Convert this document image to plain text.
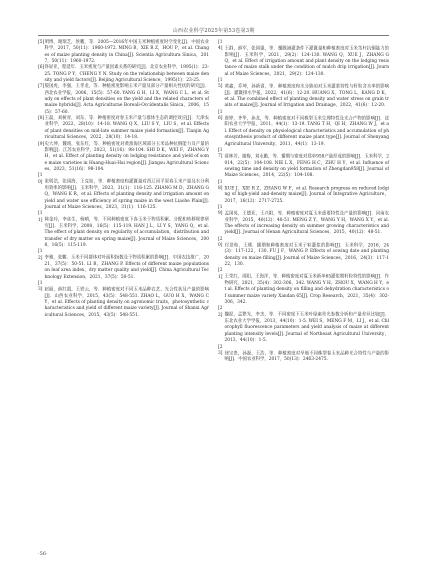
山西农业科学2025年第53卷第3期

[5]明博，谢瑞芝，侯鹏，等．2005—2016年中国玉米种植密度时空变化[J]．中国农业科学，2017，50(11)：1960-1972. MING B，XIE R Z，HOU P，et al. Changes of maize planting density in China[J]. Scientia Agricultura Sinica，2017，50(11)：1960-1972.

[6]佟屏亚，程延年．玉米密度与产量因素关系的研究[J]．北京农业科学，1995(1)：23-25. TONG P Y，CHENG Y N. Study on the relationship between maize density and yield factors[J]. Beijing Agricultural Science，1995(1)：23-25.

[7]殷国虎，李强，王孝龙，等．种植密度影响玉米产量及部分产量相关性状的研究[J]．西北农业学报，2006，15(5)：57-60. YANG G H，LI X，WANG C L，et al. Study on effects of plant densities on the yield and the related characters of maize hybrids[J]. Acta Agriculturae Boreali-Occidentalis Sinica，2006，15(5)：57-60.

[8]王磊，刘树青，刘东，等．种植密度对春玉米产量与群体生态的调控效应[J]．天津农业科学，2022，28(10)：14-18. WANG Q X，LIU S Y，LIU S，et al. Effects of plant densities on mid-late summer maize yield formation[J]. Tianjin Agricultural Sciences，2022，28(10)：14-18.

[9]史大坤，魏靖，张东红，等．种植密度对黄淮海区域部分玉米品种抗倒能力及产量的影响[J]．江苏农业科学，2023，51(16)：98-104. SHI D K，WEI F，ZHANG Y H，et al. Effect of planting density on lodging resistance and yield of some maize varieties in Huang-Huai-Hai region[J]. Jiangsu Agricultural Sciences，2023，51(16)：98-104.

[10] 张明浩，张国海，王克如，等．种植密度和灌溉量对西辽河平原春玉米产量及水分利用效率的影响[J]．玉米科学，2023，31(1)：116-125. ZHANG M D，ZHANG G Q，WANG K R，et al. Effects of planting density and irrigation amount on yield and water use efficiency of spring maize in the west Liaohe Plain[J]. Journal of Maize Sciences，2023，31(1)：116-125.

[11] 韩金玲，李彦生，杨晴，等．不同种植密度下春玉米干物质积累、分配和转移规律研究[J]．玉米科学，2008，16(5)：115-119. HAN J L，LI Y S，YANG Q，et al. The effect of plant density on regularity of accumulation，distribution and transfer of dry matter on spring maize[J]. Journal of Maize Sciences，2008，16(5)：115-119.

[12] 李雅，张鹏．玉米不同群体对叶面积指数及干物质积累的影响[J]．中国农技推广，2021，37(5)：50-51. LI B，ZHANG P. Effects of different maize populations on leaf area index，dry matter quality and yield[J]. China Agricultural Technology Extension，2021，37(5)：50-51.

[13] 赵丽，薛红霞，王铁云，等．种植密度对不同玉米品种农艺、光合性状及产量的影响[J]．山西农业科学，2015，43(5)：548-551. ZHAO L，GUO H X，WANG C Y，et al. Effects of planting density on agronomic traits，photosynthetic characteristics and yield of different maize variety[J]. Journal of Shanxi Agricultural Sciences，2015，43(5)：548-551.

[14] 王群，薛军，张国强，等．覆膜滴灌条件下灌溉量和种植密度对玉米茎秆抗倒能力的影响[J]．玉米科学，2021，29(2)：124-130. WANG Q，XUE J，ZHANG G Q，et al. Effect of irrigation amount and plant density on the lodging resistance of maize stalk under the condition of mulch drip irrigation[J]. Journal of Maize Sciences，2021，29(2)：124-130.

[15] 黄鑫，乔坤，孙新睿，等．种植密度和水分胁迫对玉米灌浆特性与籽粒含水率的影响[J]．灌溉排水学报，2022，41(6)：12-20. HUANG X，TONG L，KANG D K，et al. The combined effect of planting density and water stress on grain traits of maize[J]. Journal of Irrigation and Drainage，2022，41(6)：12-20.

[16] 唐婷，齐华，孙龙，等．种植密度对不同株型玉米生理特性及光合产物的影响[J]．沈阳农业大学学报，2011，44(1)：13-19. TANG T H，QI H，ZHANG W J，et al. Effect of density on physiological characteristics and accumulation of photosynthesis product of different maize plant type[J]. Journal of Shenyang Agricultural University，2011，44(1)：13-19.

[17] 聂林芳，谢梅，刘永勤，等．播期与密度对郑单958产量形成的影响[J]．玉米科学，2014，22(5)：104-108. NIE L X，FENG H C，ZHU H Y，et al. Influence of sowing time and density on yield formation of Zhengdan958[J]. Journal of Maize Sciences，2014，22(5)：104-108.

[18] XUE J，XIE R Z，ZHANG W F，et al. Research progress on reduced lodging of high-yield and-density maize[J]. Journal of Integrative Agriculture，2017，16(12)：2717-2725.

[19] 孟国英，王德亚，王兴阳，等．种植密度对夏玉米重要特性及产量的影响[J]．河南农业科学，2015，40(12)：48-51. MENG Z Y，WANG Y H，WANG X Y，et al. The effects of increasing density on summer growing characteristics and yield[J]. Journal of Henan Agricultural Sciences，2015，40(12)：48-51.

[20] 付景和，王璞．播期和种植密度对玉米子粒灌浆的影响[J]．玉米科学，2016，24(3)：117-122，130. FU J F，WANG P. Effects of sowing date and planting density on maize filling[J]. Journal of Maize Sciences，2016，24(3)：117-122，130.

[21] 王荣红，周阳，王海洋，等．种植密度对夏玉米新单65灌浆期籽粒特性的影响[J]．作物研究，2021，35(4)：302-306，342. WANG Y H，ZHOU X，WANG H Y，et al. Effects of planting density on filling and dehydration characteristics of summer maize variety Xandan 65[J]. Crop Research，2021，35(4)：302-306，342.

[22] 魏湜，孟繁光，李杰，等．不同密度下玉米叶绿素荧光参数分析和产量差异比较[J]．东北农业大学学报，2013，44(10)：1-5. WEI S，MENG F M，LI J，et al. Chlorophyll fluorescence parameters and yield analysis of maize at different planting intensity levels[J]. Journal of Northeast Agricultural University，2013，44(10)：1-5.

[23] 徐宗贵，孙磊，王浩，等．种植密度对旱地不同株型春玉米品种光合特性与产量的影响[J]．中国农业科学，2017，50(13)：2463-2475.

·56·
